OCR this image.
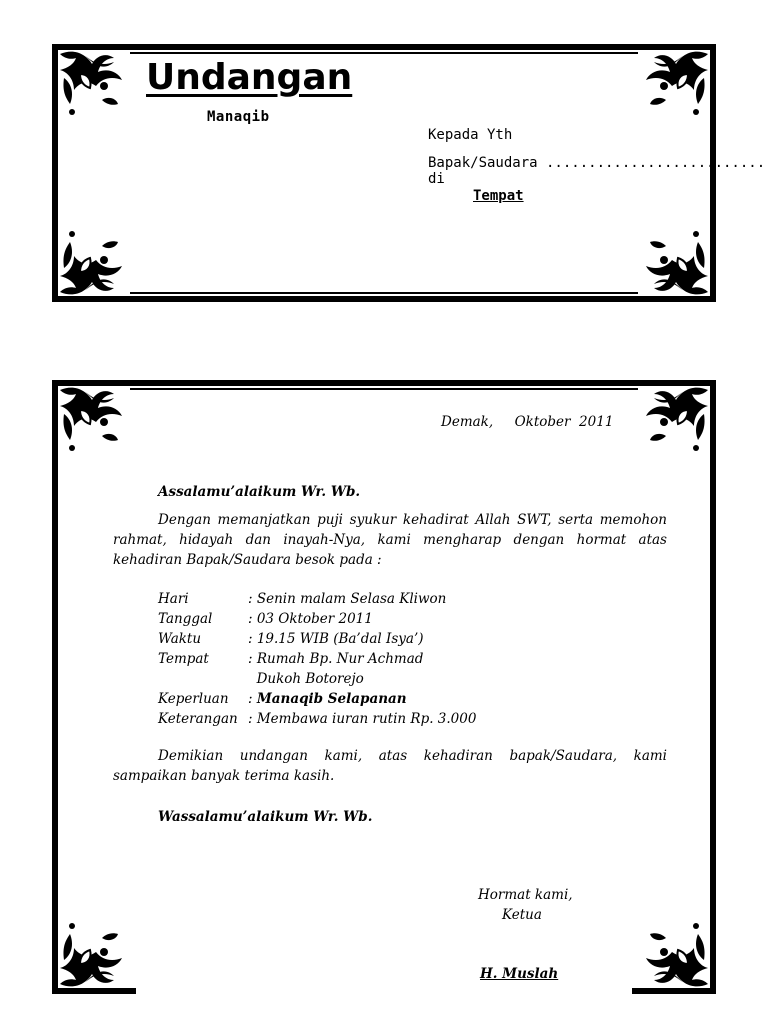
Undangan
Manaqib
Kepada Yth
Bapak/Saudara ..........................
di
Tempat
Demak,     Oktober  2011
Assalamu’alaikum Wr. Wb.

Dengan memanjatkan puji syukur kehadirat Allah SWT, serta memohon rahmat, hidayah dan inayah-Nya, kami mengharap dengan hormat atas kehadiran Bapak/Saudara besok pada :

Hari	: Senin malam Selasa Kliwon
Tanggal	: 03 Oktober 2011
Waktu	: 19.15 WIB (Ba’dal Isya’)
Tempat	: Rumah Bp. Nur Achmad
	Dukoh Botorejo
Keperluan	: Manaqib Selapanan
Keterangan	: Membawa iuran rutin Rp. 3.000

Demikian undangan kami, atas kehadiran bapak/Saudara, kami sampaikan banyak terima kasih.

Wassalamu’alaikum Wr. Wb.
Hormat kami,
Ketua
H. Muslah
